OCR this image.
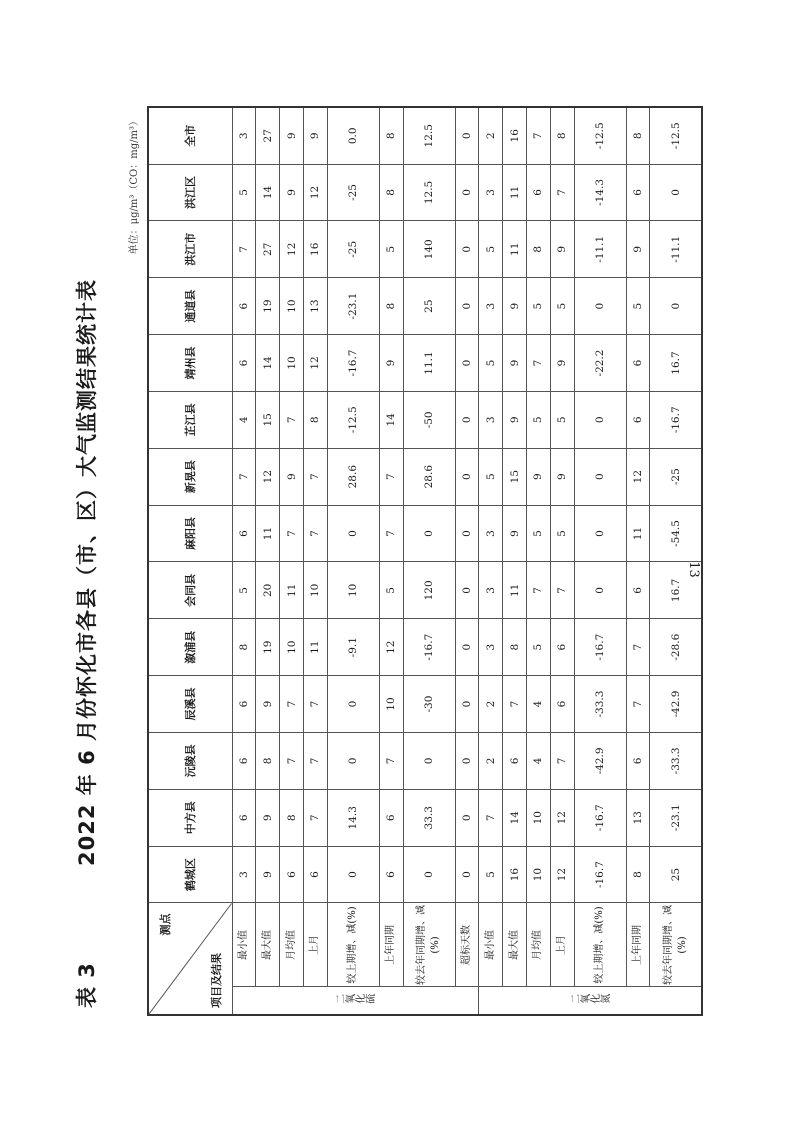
13
表 3
2022 年 6 月份怀化市各县（市、区）大气监测结果统计表
单位：μg/m³（CO：mg/m³）
测点
项目及结果		鹤城区	中方县	沅陵县	辰溪县	溆浦县	会同县	麻阳县	新晃县	芷江县	靖州县	通道县	洪江市	洪江区	全市
二氧化硫	最小值	3	6	6	6	8	5	6	7	4	6	6	7	5	3
	最大值	9	9	8	9	19	20	11	12	15	14	19	27	14	27
	月均值	6	8	7	7	10	11	7	9	7	10	10	12	9	9
	上月	6	7	7	7	11	10	7	7	8	12	13	16	12	9
	较上期增、减(%)	0	14.3	0	0	-9.1	10	0	28.6	-12.5	-16.7	-23.1	-25	-25	0.0
	上年同期	6	6	7	10	12	5	7	7	14	9	8	5	8	8
	较去年同期增、减(%)	0	33.3	0	-30	-16.7	120	0	28.6	-50	11.1	25	140	12.5	12.5
	超标天数	0	0	0	0	0	0	0	0	0	0	0	0	0	0
二氧化氮	最小值	5	7	2	2	3	3	3	5	3	5	3	5	3	2
	最大值	16	14	6	7	8	11	9	15	9	9	9	11	11	16
	月均值	10	10	4	4	5	7	5	9	5	7	5	8	6	7
	上月	12	12	7	6	6	7	5	9	5	9	5	9	7	8
	较上期增、减(%)	-16.7	-16.7	-42.9	-33.3	-16.7	0	0	0	0	-22.2	0	-11.1	-14.3	-12.5
	上年同期	8	13	6	7	7	6	11	12	6	6	5	9	6	8
	较去年同期增、减(%)	25	-23.1	-33.3	-42.9	-28.6	16.7	-54.5	-25	-16.7	16.7	0	-11.1	0	-12.5
